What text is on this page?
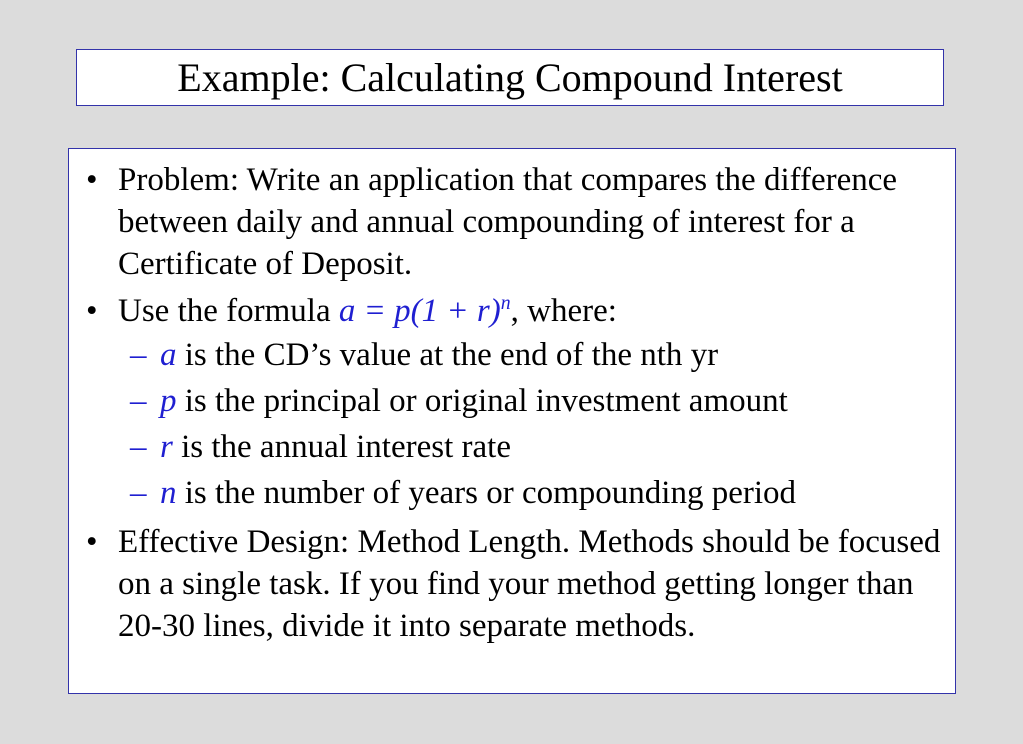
Example: Calculating Compound Interest
• Problem: Write an application that compares the difference between daily and annual compounding of interest for a Certificate of Deposit.
• Use the formula $a = p(1 + r)^n$, where:
– a is the CD’s value at the end of the nth yr
– p is the principal or original investment amount
– r is the annual interest rate
– n is the number of years or compounding period
• Effective Design: Method Length. Methods should be focused on a single task. If you find your method getting longer than 20-30 lines, divide it into separate methods.
